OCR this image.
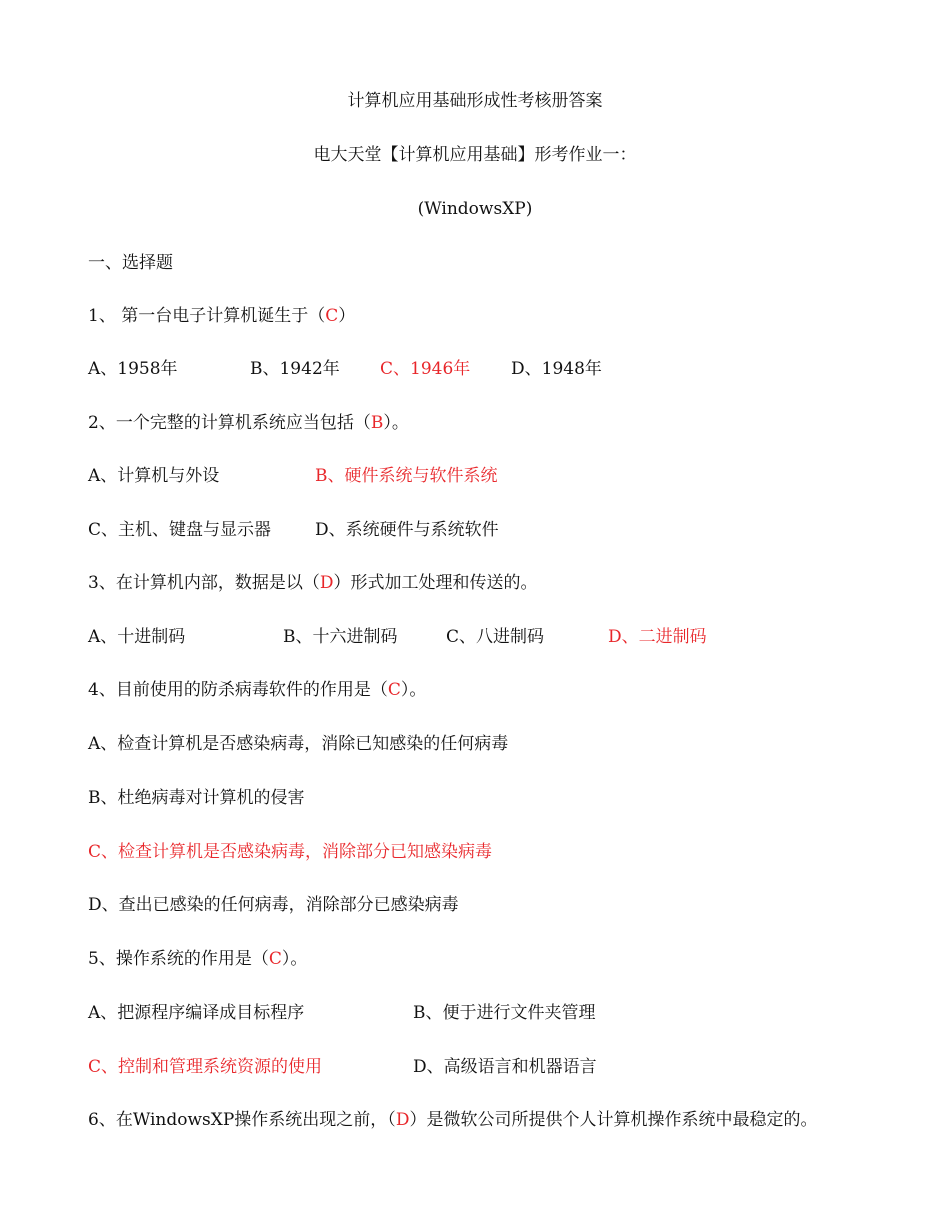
计算机应用基础形成性考核册答案
电大天堂【计算机应用基础】形考作业一：
(WindowsXP)
一、选择题
1、 第一台电子计算机诞生于（C）
A、1958年	B、1942年 C、1946年 D、1948年
2、一个完整的计算机系统应当包括（B）。
A、计算机与外设	B、硬件系统与软件系统
C、主机、键盘与显示器	D、系统硬件与系统软件
3、在计算机内部，数据是以（D）形式加工处理和传送的。
A、十进制码	B、十六进制码	C、八进制码	D、二进制码
4、目前使用的防杀病毒软件的作用是（C）。
A、检查计算机是否感染病毒，消除已知感染的任何病毒
B、杜绝病毒对计算机的侵害
C、检查计算机是否感染病毒，消除部分已知感染病毒
D、查出已感染的任何病毒，消除部分已感染病毒
5、操作系统的作用是（C）。
A、把源程序编译成目标程序	B、便于进行文件夹管理
C、控制和管理系统资源的使用	D、高级语言和机器语言
6、在WindowsXP操作系统出现之前，（D）是微软公司所提供个人计算机操作系统中最稳定的。
